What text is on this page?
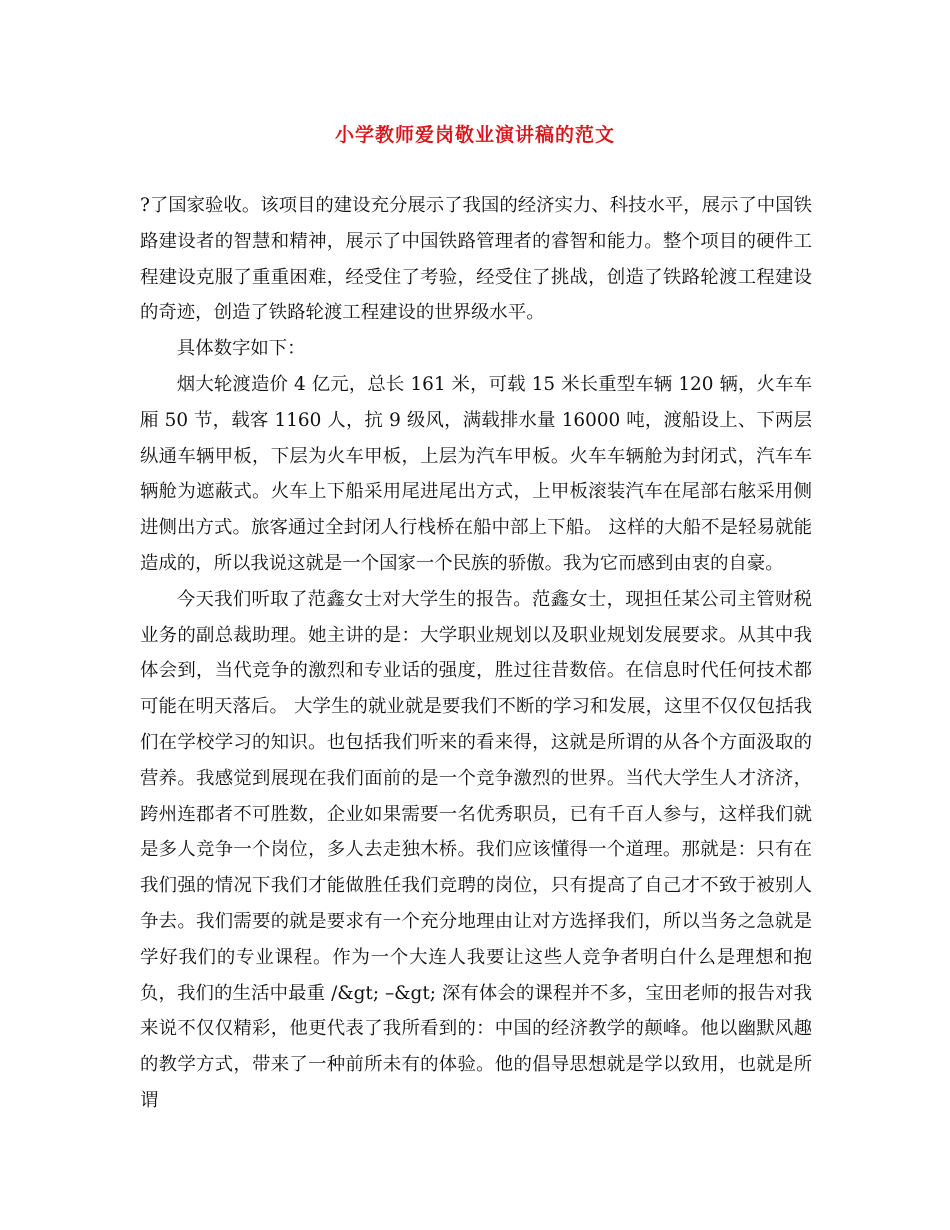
小学教师爱岗敬业演讲稿的范文

?了国家验收。该项目的建设充分展示了我国的经济实力、科技水平，展示了中国铁路建设者的智慧和精神，展示了中国铁路管理者的睿智和能力。整个项目的硬件工程建设克服了重重困难，经受住了考验，经受住了挑战，创造了铁路轮渡工程建设的奇迹，创造了铁路轮渡工程建设的世界级水平。

具体数字如下：

烟大轮渡造价 4 亿元，总长 161 米，可载 15 米长重型车辆 120 辆，火车车厢 50 节，载客 1160 人，抗 9 级风，满载排水量 16000 吨，渡船设上、下两层纵通车辆甲板，下层为火车甲板，上层为汽车甲板。火车车辆舱为封闭式，汽车车辆舱为遮蔽式。火车上下船采用尾进尾出方式，上甲板滚装汽车在尾部右舷采用侧进侧出方式。旅客通过全封闭人行栈桥在船中部上下船。 这样的大船不是轻易就能造成的，所以我说这就是一个国家一个民族的骄傲。我为它而感到由衷的自豪。

今天我们听取了范鑫女士对大学生的报告。范鑫女士，现担任某公司主管财税业务的副总裁助理。她主讲的是：大学职业规划以及职业规划发展要求。从其中我体会到，当代竞争的激烈和专业话的强度，胜过往昔数倍。在信息时代任何技术都可能在明天落后。 大学生的就业就是要我们不断的学习和发展，这里不仅仅包括我们在学校学习的知识。也包括我们听来的看来得，这就是所谓的从各个方面汲取的营养。我感觉到展现在我们面前的是一个竞争激烈的世界。当代大学生人才济济，跨州连郡者不可胜数，企业如果需要一名优秀职员，已有千百人参与，这样我们就是多人竞争一个岗位，多人去走独木桥。我们应该懂得一个道理。那就是：只有在我们强的情况下我们才能做胜任我们竞聘的岗位，只有提高了自己才不致于被别人争去。我们需要的就是要求有一个充分地理由让对方选择我们，所以当务之急就是学好我们的专业课程。作为一个大连人我要让这些人竞争者明白什么是理想和抱负，我们的生活中最重 /&gt; –&gt; 深有体会的课程并不多，宝田老师的报告对我来说不仅仅精彩，他更代表了我所看到的：中国的经济教学的颠峰。他以幽默风趣的教学方式，带来了一种前所未有的体验。他的倡导思想就是学以致用，也就是所谓
